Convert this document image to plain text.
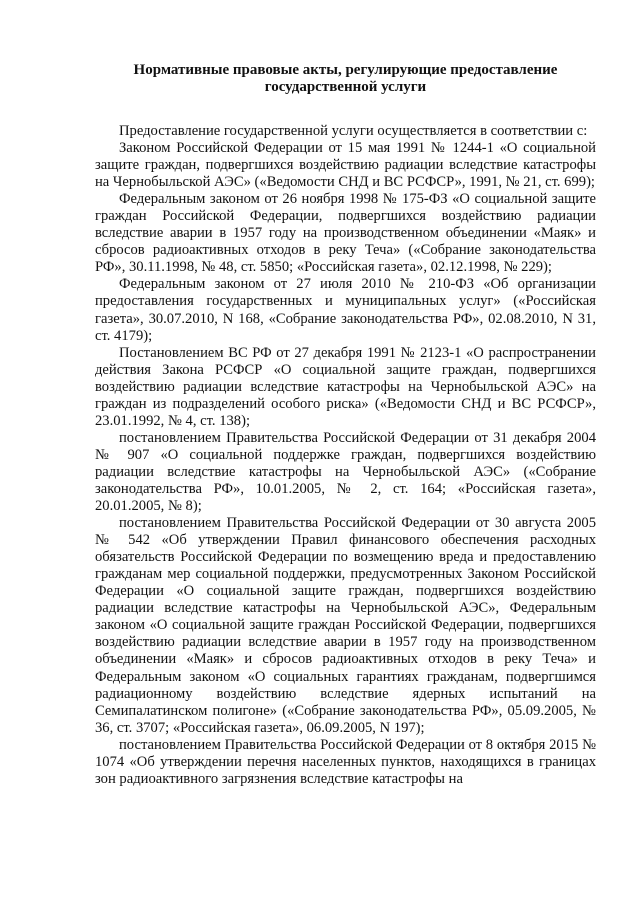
Нормативные правовые акты, регулирующие предоставление
государственной услуги

Предоставление государственной услуги осуществляется в соответствии с:

Законом Российской Федерации от 15 мая 1991 № 1244-1 «О социальной защите граждан, подвергшихся воздействию радиации вследствие катастрофы на Чернобыльской АЭС» («Ведомости СНД и ВС РСФСР», 1991, № 21, ст. 699);

Федеральным законом от 26 ноября 1998 № 175-ФЗ «О социальной защите граждан Российской Федерации, подвергшихся воздействию радиации вследствие аварии в 1957 году на производственном объединении «Маяк» и сбросов радиоактивных отходов в реку Теча» («Собрание законодательства РФ», 30.11.1998, № 48, ст. 5850; «Российская газета», 02.12.1998, № 229);

Федеральным законом от 27 июля 2010 № 210-ФЗ «Об организации предоставления государственных и муниципальных услуг» («Российская газета», 30.07.2010, N 168, «Собрание законодательства РФ», 02.08.2010, N 31, ст. 4179);

Постановлением ВС РФ от 27 декабря 1991 № 2123-1 «О распространении действия Закона РСФСР «О социальной защите граждан, подвергшихся воздействию радиации вследствие катастрофы на Чернобыльской АЭС» на граждан из подразделений особого риска» («Ведомости СНД и ВС РСФСР», 23.01.1992, № 4, ст. 138);

постановлением Правительства Российской Федерации от 31 декабря 2004 № 907 «О социальной поддержке граждан, подвергшихся воздействию радиации вследствие катастрофы на Чернобыльской АЭС» («Собрание законодательства РФ», 10.01.2005, № 2, ст. 164; «Российская газета», 20.01.2005, № 8);

постановлением Правительства Российской Федерации от 30 августа 2005 № 542 «Об утверждении Правил финансового обеспечения расходных обязательств Российской Федерации по возмещению вреда и предоставлению гражданам мер социальной поддержки, предусмотренных Законом Российской Федерации «О социальной защите граждан, подвергшихся воздействию радиации вследствие катастрофы на Чернобыльской АЭС», Федеральным законом «О социальной защите граждан Российской Федерации, подвергшихся воздействию радиации вследствие аварии в 1957 году на производственном объединении «Маяк» и сбросов радиоактивных отходов в реку Теча» и Федеральным законом «О социальных гарантиях гражданам, подвергшимся радиационному воздействию вследствие ядерных испытаний на Семипалатинском полигоне» («Собрание законодательства РФ», 05.09.2005, № 36, ст. 3707; «Российская газета», 06.09.2005, N 197);

постановлением Правительства Российской Федерации от 8 октября 2015 № 1074 «Об утверждении перечня населенных пунктов, находящихся в границах зон радиоактивного загрязнения вследствие катастрофы на
